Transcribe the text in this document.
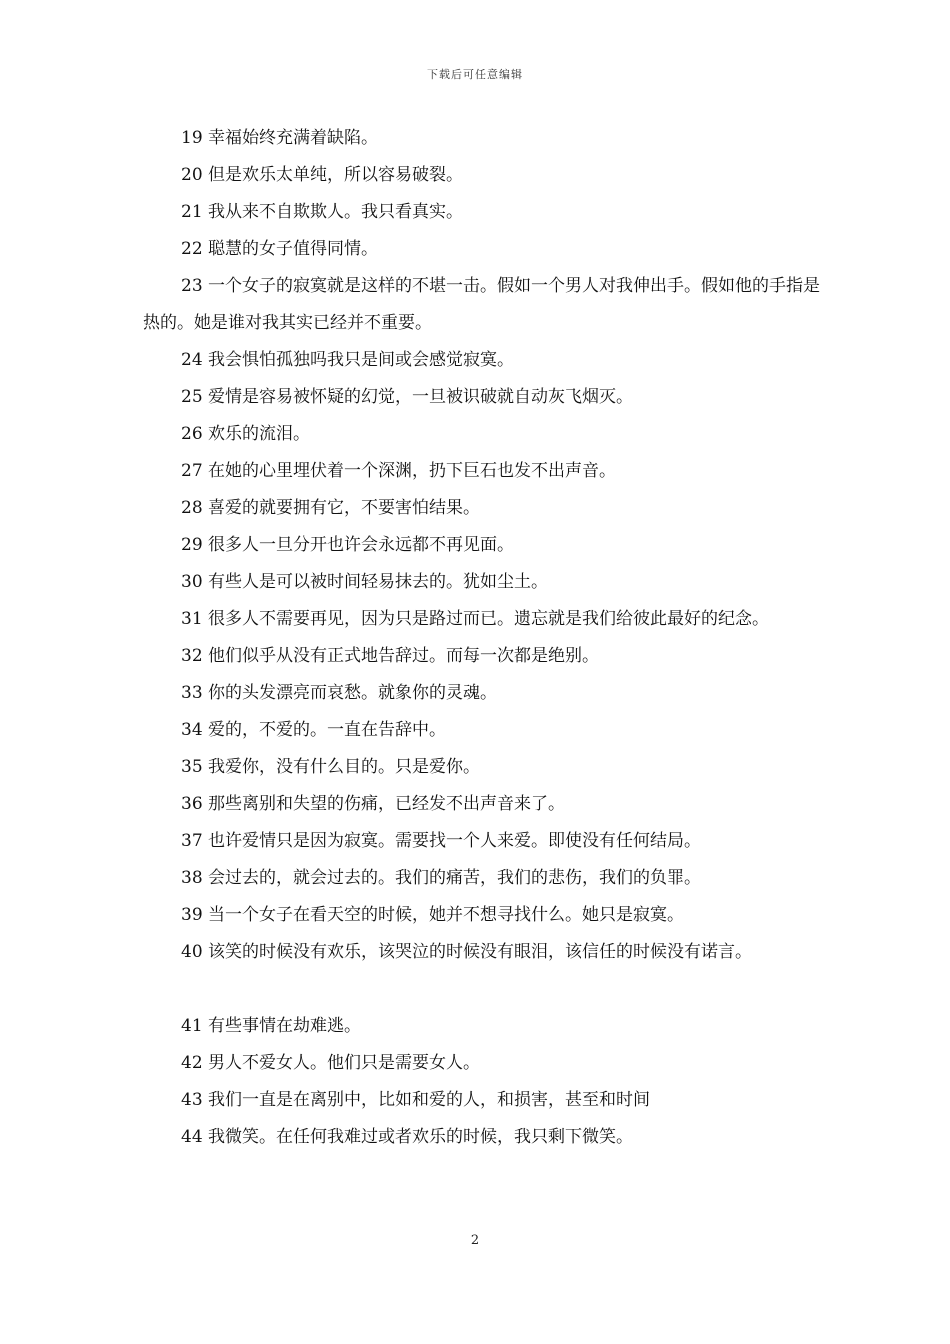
下载后可任意编辑

19 幸福始终充满着缺陷。

20 但是欢乐太单纯，所以容易破裂。

21 我从来不自欺欺人。我只看真实。

22 聪慧的女子值得同情。

23 一个女子的寂寞就是这样的不堪一击。假如一个男人对我伸出手。假如他的手指是热的。她是谁对我其实已经并不重要。

24 我会惧怕孤独吗我只是间或会感觉寂寞。

25 爱情是容易被怀疑的幻觉，一旦被识破就自动灰飞烟灭。

26 欢乐的流泪。

27 在她的心里埋伏着一个深渊，扔下巨石也发不出声音。

28 喜爱的就要拥有它，不要害怕结果。

29 很多人一旦分开也许会永远都不再见面。

30 有些人是可以被时间轻易抹去的。犹如尘土。

31 很多人不需要再见，因为只是路过而已。遗忘就是我们给彼此最好的纪念。

32 他们似乎从没有正式地告辞过。而每一次都是绝别。

33 你的头发漂亮而哀愁。就象你的灵魂。

34 爱的，不爱的。一直在告辞中。

35 我爱你，没有什么目的。只是爱你。

36 那些离别和失望的伤痛，已经发不出声音来了。

37 也许爱情只是因为寂寞。需要找一个人来爱。即使没有任何结局。

38 会过去的，就会过去的。我们的痛苦，我们的悲伤，我们的负罪。

39 当一个女子在看天空的时候，她并不想寻找什么。她只是寂寞。

40 该笑的时候没有欢乐，该哭泣的时候没有眼泪，该信任的时候没有诺言。

41 有些事情在劫难逃。

42 男人不爱女人。他们只是需要女人。

43 我们一直是在离别中，比如和爱的人，和损害，甚至和时间

44 我微笑。在任何我难过或者欢乐的时候，我只剩下微笑。

2
